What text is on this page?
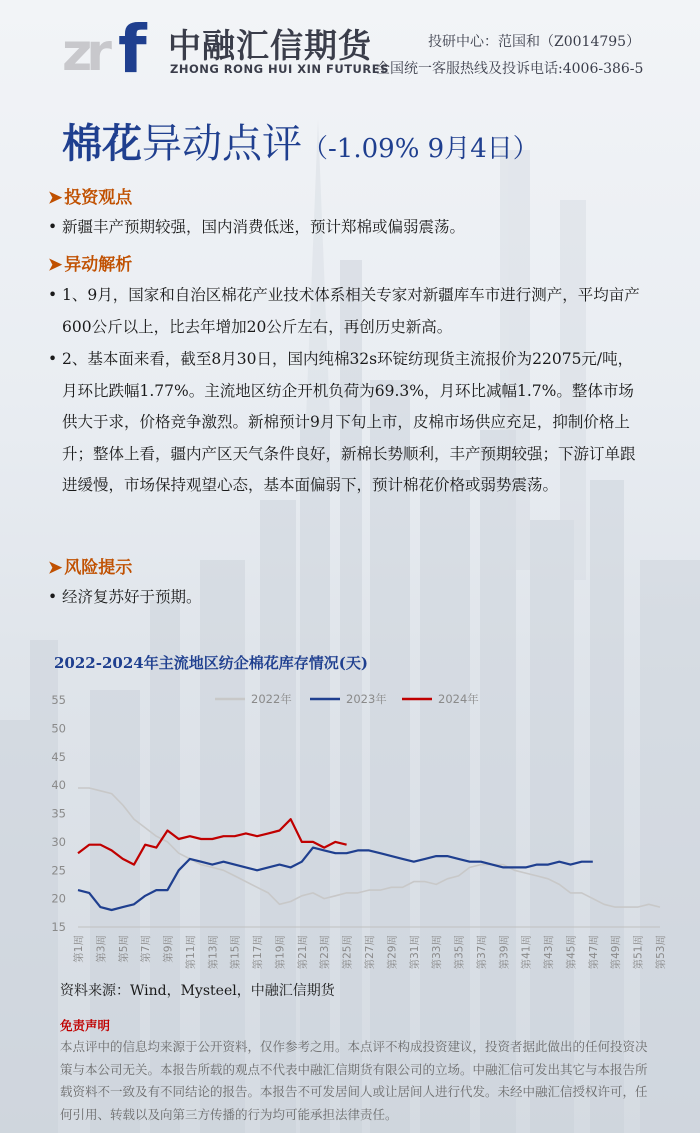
zr f 中融汇信期货
ZHONG RONG HUI XIN FUTURES
投研中心：范国和（Z0014795）
全国统一客服热线及投诉电话:4006-386-5
棉花异动点评（-1.09% 9月4日）
➤ 投资观点
• 新疆丰产预期较强，国内消费低迷，预计郑棉或偏弱震荡。
➤ 异动解析
• 1、9月，国家和自治区棉花产业技术体系相关专家对新疆库车市进行测产，平均亩产600公斤以上，比去年增加20公斤左右，再创历史新高。
• 2、基本面来看，截至8月30日，国内纯棉32s环锭纺现货主流报价为22075元/吨，月环比跌幅1.77%。主流地区纺企开机负荷为69.3%，月环比减幅1.7%。整体市场供大于求，价格竞争激烈。新棉预计9月下旬上市，皮棉市场供应充足，抑制价格上升；整体上看，疆内产区天气条件良好，新棉长势顺利，丰产预期较强；下游订单跟进缓慢，市场保持观望心态，基本面偏弱下，预计棉花价格或弱势震荡。
➤ 风险提示
• 经济复苏好于预期。
2022-2024年主流地区纺企棉花库存情况(天)
15
20
25
30
35
40
45
50
55
第1周 第3周 第5周 第7周 第9周 第11周 第13周 第15周 第17周 第19周 第21周 第23周 第25周 第27周 第29周 第31周 第33周 第35周 第37周 第39周 第41周 第43周 第45周 第47周 第49周 第51周 第53周
2022年	2023年	2024年
资料来源：Wind，Mysteel，中融汇信期货
免责声明
本点评中的信息均来源于公开资料，仅作参考之用。本点评不构成投资建议，投资者据此做出的任何投资决策与本公司无关。本报告所载的观点不代表中融汇信期货有限公司的立场。中融汇信可发出其它与本报告所载资料不一致及有不同结论的报告。本报告不可发居间人或让居间人进行代发。未经中融汇信授权许可，任何引用、转载以及向第三方传播的行为均可能承担法律责任。
